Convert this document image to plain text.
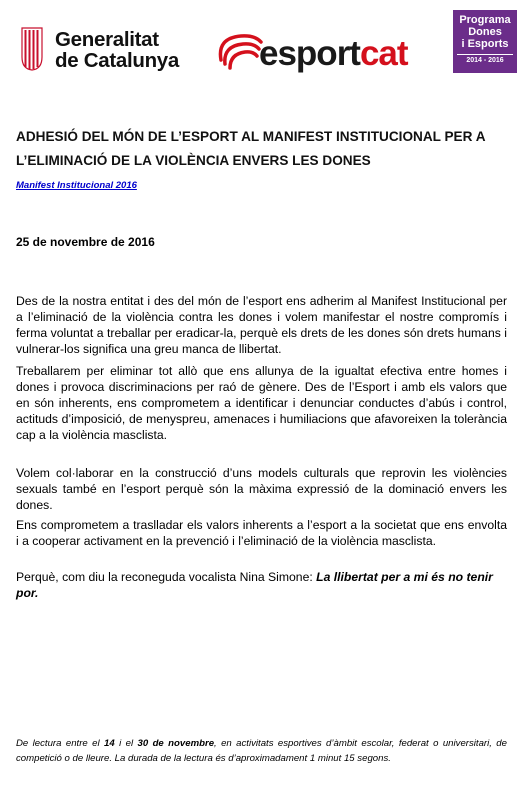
Generalitat
de Catalunya esportcat
Programa
Dones
i Esports
2014 - 2016
ADHESIÓ DEL MÓN DE L’ESPORT AL MANIFEST INSTITUCIONAL PER A L’ELIMINACIÓ DE LA VIOLÈNCIA ENVERS LES DONES
Manifest Institucional 2016
25 de novembre de 2016
Des de la nostra entitat i des del món de l’esport ens adherim al Manifest Institucional per a l’eliminació de la violència contra les dones i volem manifestar el nostre compromís i ferma voluntat a treballar per eradicar-la, perquè els drets de les dones són drets humans i vulnerar-los significa una greu manca de llibertat.
Treballarem per eliminar tot allò que ens allunya de la igualtat efectiva entre homes i dones i provoca discriminacions per raó de gènere. Des de l’Esport i amb els valors que en són inherents, ens comprometem a identificar i denunciar conductes d’abús i control, actituds d’imposició, de menyspreu, amenaces i humiliacions que afavoreixen la tolerància cap a la violència masclista.
Volem col·laborar en la construcció d’uns models culturals que reprovin les violències sexuals també en l’esport perquè són la màxima expressió de la dominació envers les dones.
Ens comprometem a traslladar els valors inherents a l’esport a la societat que ens envolta i a cooperar activament en la prevenció i l’eliminació de la violència masclista.
Perquè, com diu la reconeguda vocalista Nina Simone: La llibertat per a mi és no tenir por.
De lectura entre el 14 i el 30 de novembre, en activitats esportives d’àmbit escolar, federat o universitari, de competició o de lleure. La durada de la lectura és d’aproximadament 1 minut 15 segons.
